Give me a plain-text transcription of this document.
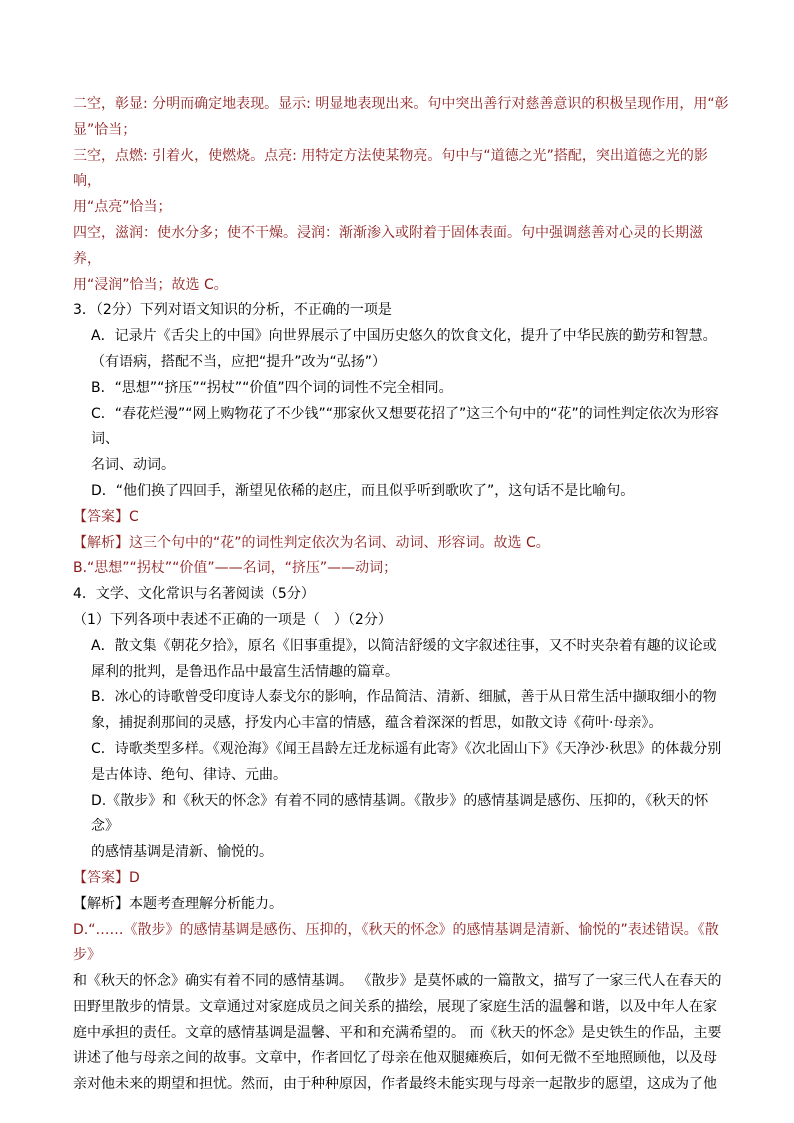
二空，彰显: 分明而确定地表现。显示: 明显地表现出来。句中突出善行对慈善意识的积极呈现作用，用“彰

显”恰当；

三空，点燃: 引着火，使燃烧。点亮: 用特定方法使某物亮。句中与“道德之光”搭配，突出道德之光的影响，

用“点亮”恰当；

四空，滋润：使水分多；使不干燥。浸润：渐渐渗入或附着于固体表面。句中强调慈善对心灵的长期滋养，

用“浸润”恰当；故选 C。

3．（2分）下列对语文知识的分析，不正确的一项是

A．记录片《舌尖上的中国》向世界展示了中国历史悠久的饮食文化，提升了中华民族的勤劳和智慧。

（有语病，搭配不当，应把“提升”改为“弘扬”）

B．“思想”“挤压”“拐杖”“价值”四个词的词性不完全相同。

C．“春花烂漫”“网上购物花了不少钱”“那家伙又想要花招了”这三个句中的“花”的词性判定依次为形容词、

名词、动词。

D．“他们换了四回手，渐望见依稀的赵庄，而且似乎听到歌吹了”，这句话不是比喻句。

【答案】C

【解析】这三个句中的“花”的词性判定依次为名词、动词、形容词。故选 C。

B.“思想”“拐杖”“价值”——名词，“挤压”——动词；

4．文学、文化常识与名著阅读（5分）

（1）下列各项中表述不正确的一项是（　）（2分）

A．散文集《朝花夕拾》，原名《旧事重提》，以简洁舒缓的文字叙述往事，又不时夹杂着有趣的议论或

犀利的批判，是鲁迅作品中最富生活情趣的篇章。

B．冰心的诗歌曾受印度诗人泰戈尔的影响，作品简洁、清新、细腻，善于从日常生活中撷取细小的物

象，捕捉刹那间的灵感，抒发内心丰富的情感，蕴含着深深的哲思，如散文诗《荷叶·母亲》。

C．诗歌类型多样。《观沧海》《闻王昌龄左迁龙标遥有此寄》《次北固山下》《天净沙·秋思》的体裁分别

是古体诗、绝句、律诗、元曲。

D.《散步》和《秋天的怀念》有着不同的感情基调。《散步》的感情基调是感伤、压抑的，《秋天的怀念》

的感情基调是清新、愉悦的。

【答案】D

【解析】本题考查理解分析能力。

D.“……《散步》的感情基调是感伤、压抑的，《秋天的怀念》的感情基调是清新、愉悦的”表述错误。《散步》

和《秋天的怀念》确实有着不同的感情基调。 《散步》是莫怀戚的一篇散文，描写了一家三代人在春天的

田野里散步的情景。文章通过对家庭成员之间关系的描绘，展现了家庭生活的温馨和谐，以及中年人在家

庭中承担的责任。文章的感情基调是温馨、平和和充满希望的。 而《秋天的怀念》是史铁生的作品，主要

讲述了他与母亲之间的故事。文章中，作者回忆了母亲在他双腿瘫痪后，如何无微不至地照顾他，以及母

亲对他未来的期望和担忧。然而，由于种种原因，作者最终未能实现与母亲一起散步的愿望，这成为了他
